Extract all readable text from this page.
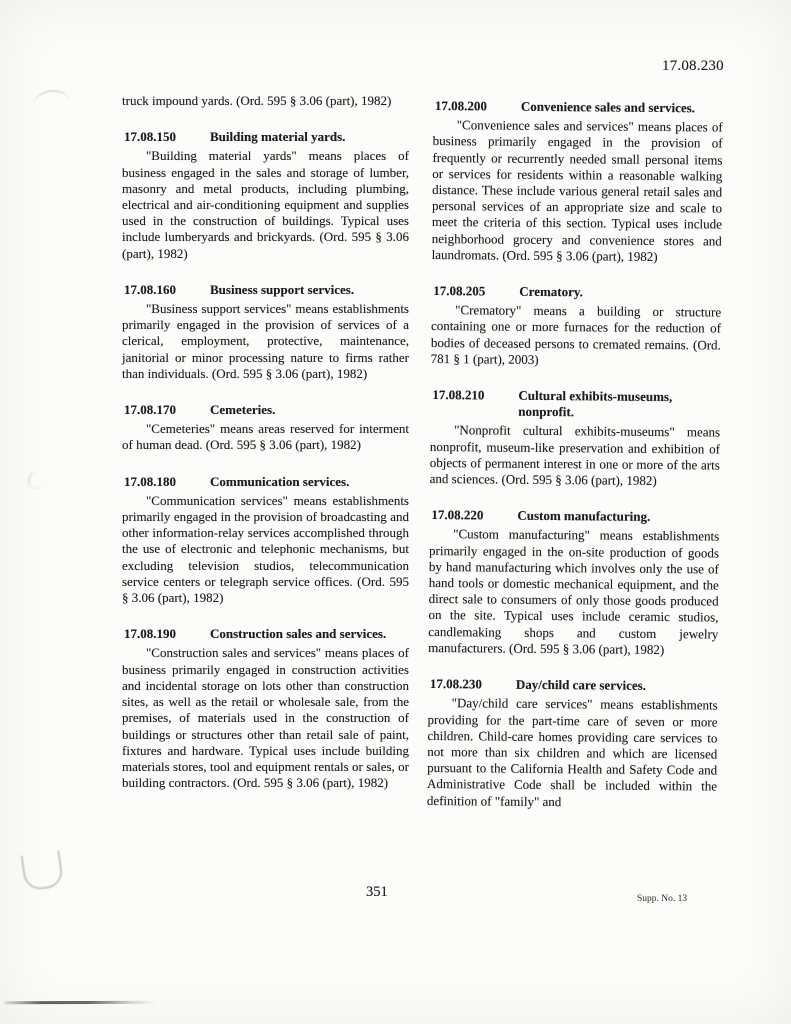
17.08.230

truck impound yards. (Ord. 595 § 3.06 (part), 1982)

17.08.150	Building material yards.

"Building material yards" means places of business engaged in the sales and storage of lumber, masonry and metal products, including plumbing, electrical and air-conditioning equipment and supplies used in the construction of buildings. Typical uses include lumberyards and brickyards. (Ord. 595 § 3.06 (part), 1982)

17.08.160	Business support services.

"Business support services" means establishments primarily engaged in the provision of services of a clerical, employment, protective, maintenance, janitorial or minor processing nature to firms rather than individuals. (Ord. 595 § 3.06 (part), 1982)

17.08.170	Cemeteries.

"Cemeteries" means areas reserved for interment of human dead. (Ord. 595 § 3.06 (part), 1982)

17.08.180	Communication services.

"Communication services" means establishments primarily engaged in the provision of broadcasting and other information-relay services accomplished through the use of electronic and telephonic mechanisms, but excluding television studios, telecommunication service centers or telegraph service offices. (Ord. 595 § 3.06 (part), 1982)

17.08.190	Construction sales and services.

"Construction sales and services" means places of business primarily engaged in construction activities and incidental storage on lots other than construction sites, as well as the retail or wholesale sale, from the premises, of materials used in the construction of buildings or structures other than retail sale of paint, fixtures and hardware. Typical uses include building materials stores, tool and equipment rentals or sales, or building contractors. (Ord. 595 § 3.06 (part), 1982)

17.08.200	Convenience sales and services.

"Convenience sales and services" means places of business primarily engaged in the provision of frequently or recurrently needed small personal items or services for residents within a reasonable walking distance. These include various general retail sales and personal services of an appropriate size and scale to meet the criteria of this section. Typical uses include neighborhood grocery and convenience stores and laundromats. (Ord. 595 § 3.06 (part), 1982)

17.08.205	Crematory.

"Crematory" means a building or structure containing one or more furnaces for the reduction of bodies of deceased persons to cremated remains. (Ord. 781 § 1 (part), 2003)

17.08.210	Cultural exhibits-museums,
nonprofit.

"Nonprofit cultural exhibits-museums" means nonprofit, museum-like preservation and exhibition of objects of permanent interest in one or more of the arts and sciences. (Ord. 595 § 3.06 (part), 1982)

17.08.220	Custom manufacturing.

"Custom manufacturing" means establishments primarily engaged in the on-site production of goods by hand manufacturing which involves only the use of hand tools or domestic mechanical equipment, and the direct sale to consumers of only those goods produced on the site. Typical uses include ceramic studios, candlemaking shops and custom jewelry manufacturers. (Ord. 595 § 3.06 (part), 1982)

17.08.230	Day/child care services.

"Day/child care services" means establishments providing for the part-time care of seven or more children. Child-care homes providing care services to not more than six children and which are licensed pursuant to the California Health and Safety Code and Administrative Code shall be included within the definition of "family" and

351	Supp. No. 13
